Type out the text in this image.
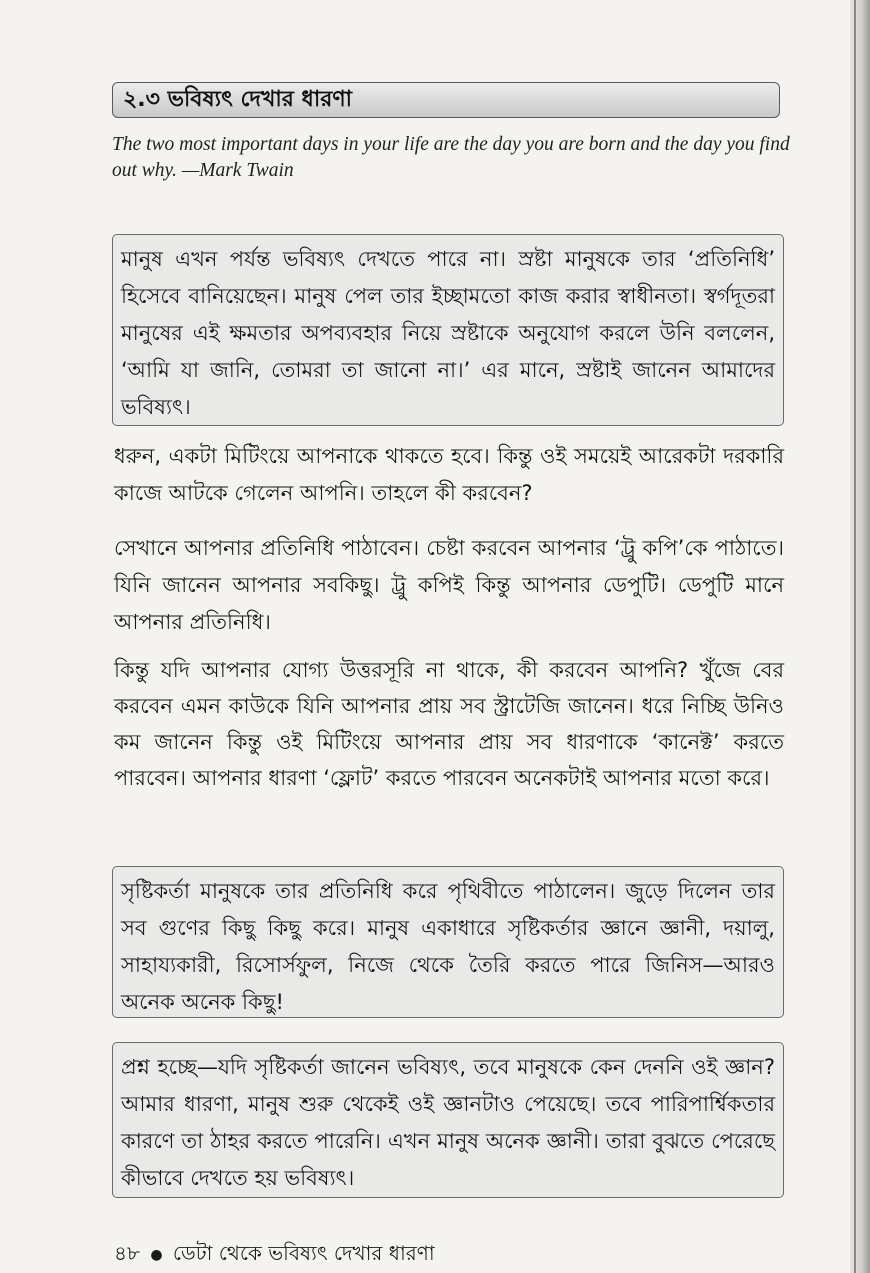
২.৩ ভবিষ্যৎ দেখার ধারণা
The two most important days in your life are the day you are born and the day you find out why. —Mark Twain

মানুষ এখন পর্যন্ত ভবিষ্যৎ দেখতে পারে না। স্রষ্টা মানুষকে তার ‘প্রতিনিধি’ হিসেবে বানিয়েছেন। মানুষ পেল তার ইচ্ছামতো কাজ করার স্বাধীনতা। স্বর্গদূতরা মানুষের এই ক্ষমতার অপব্যবহার নিয়ে স্রষ্টাকে অনুযোগ করলে উনি বললেন, ‘আমি যা জানি, তোমরা তা জানো না।’ এর মানে, স্রষ্টাই জানেন আমাদের ভবিষ্যৎ।

ধরুন, একটা মিটিংয়ে আপনাকে থাকতে হবে। কিন্তু ওই সময়েই আরেকটা দরকারি কাজে আটকে গেলেন আপনি। তাহলে কী করবেন?

সেখানে আপনার প্রতিনিধি পাঠাবেন। চেষ্টা করবেন আপনার ‘ট্রু কপি’কে পাঠাতে। যিনি জানেন আপনার সবকিছু। ট্রু কপিই কিন্তু আপনার ডেপুটি। ডেপুটি মানে আপনার প্রতিনিধি।

কিন্তু যদি আপনার যোগ্য উত্তরসূরি না থাকে, কী করবেন আপনি? খুঁজে বের করবেন এমন কাউকে যিনি আপনার প্রায় সব স্ট্রাটেজি জানেন। ধরে নিচ্ছি উনিও কম জানেন কিন্তু ওই মিটিংয়ে আপনার প্রায় সব ধারণাকে ‘কানেক্ট’ করতে পারবেন। আপনার ধারণা ‘ফ্লোট’ করতে পারবেন অনেকটাই আপনার মতো করে।

সৃষ্টিকর্তা মানুষকে তার প্রতিনিধি করে পৃথিবীতে পাঠালেন। জুড়ে দিলেন তার সব গুণের কিছু কিছু করে। মানুষ একাধারে সৃষ্টিকর্তার জ্ঞানে জ্ঞানী, দয়ালু, সাহায্যকারী, রিসোর্সফুল, নিজে থেকে তৈরি করতে পারে জিনিস—আরও অনেক অনেক কিছু!

প্রশ্ন হচ্ছে—যদি সৃষ্টিকর্তা জানেন ভবিষ্যৎ, তবে মানুষকে কেন দেননি ওই জ্ঞান? আমার ধারণা, মানুষ শুরু থেকেই ওই জ্ঞানটাও পেয়েছে। তবে পারিপার্শ্বিকতার কারণে তা ঠাহর করতে পারেনি। এখন মানুষ অনেক জ্ঞানী। তারা বুঝতে পেরেছে কীভাবে দেখতে হয় ভবিষ্যৎ।

৪৮ ● ডেটা থেকে ভবিষ্যৎ দেখার ধারণা
